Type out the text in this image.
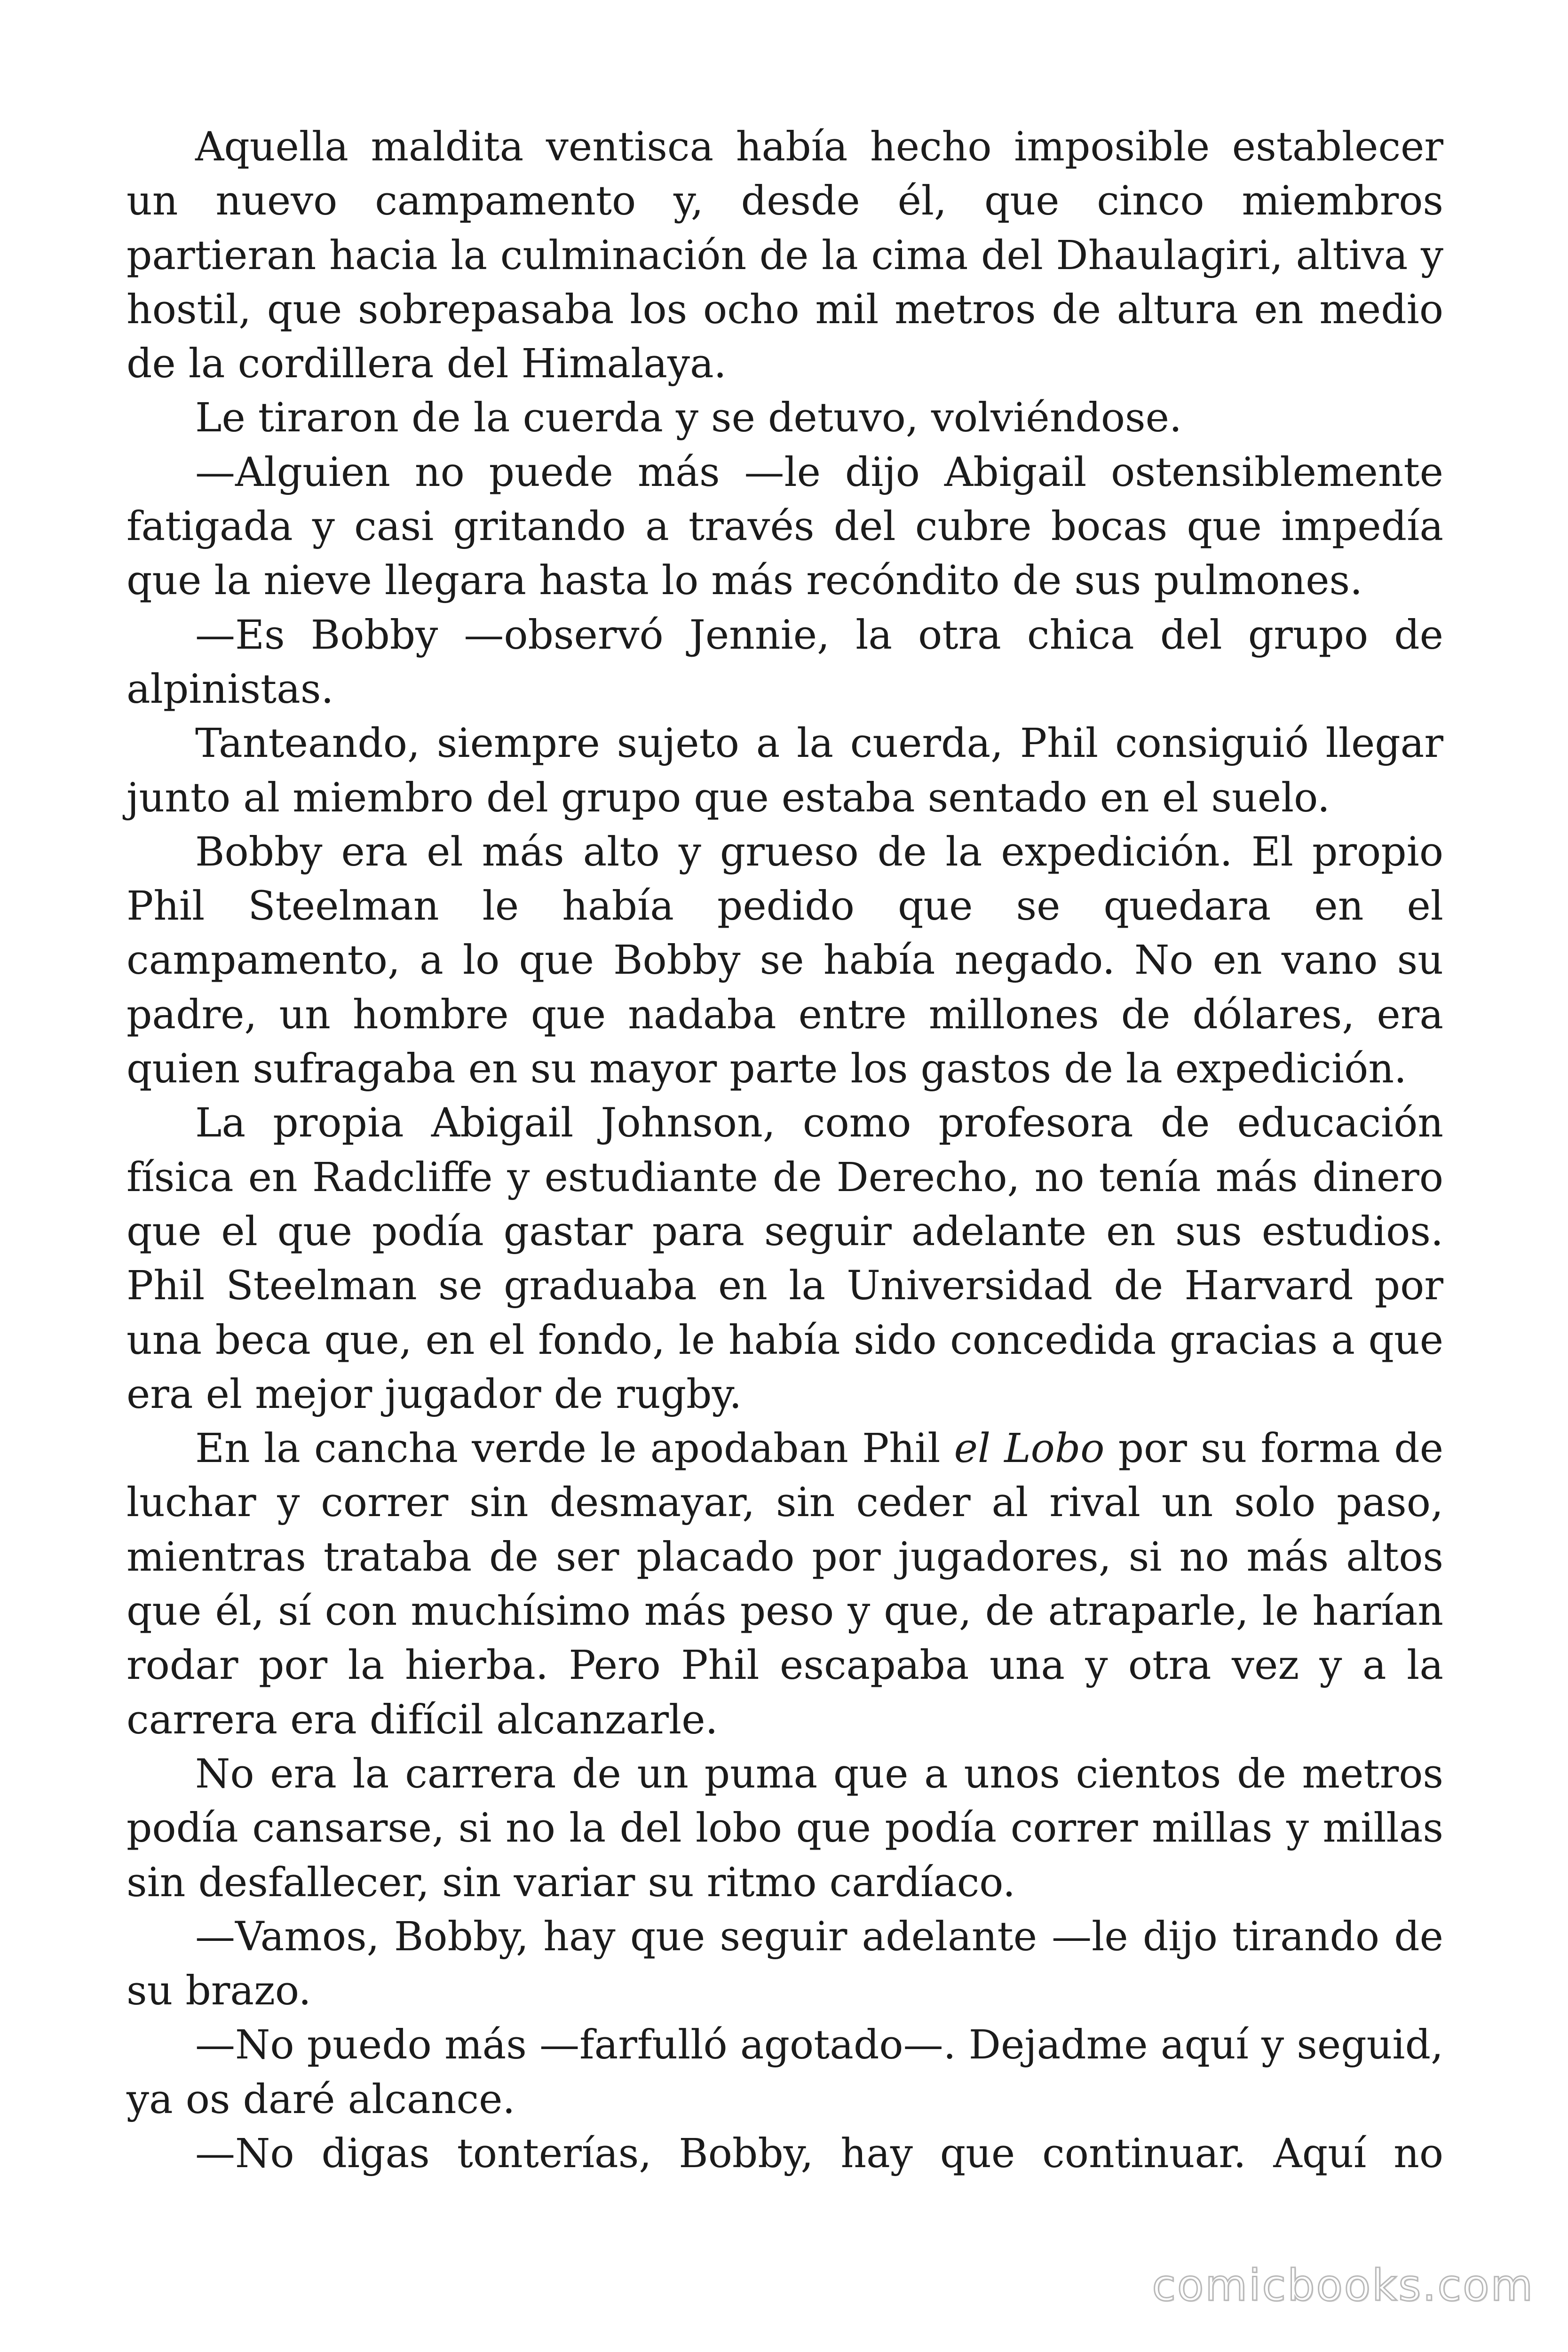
Aquella maldita ventisca había hecho imposible establecer un nuevo campamento y, desde él, que cinco miembros partieran hacia la culminación de la cima del Dhaulagiri, altiva y hostil, que sobrepasaba los ocho mil metros de altura en medio de la cordillera del Himalaya.

Le tiraron de la cuerda y se detuvo, volviéndose.

—Alguien no puede más —le dijo Abigail ostensiblemente fatigada y casi gritando a través del cubre bocas que impedía que la nieve llegara hasta lo más recóndito de sus pulmones.

—Es Bobby —observó Jennie, la otra chica del grupo de alpinistas.

Tanteando, siempre sujeto a la cuerda, Phil consiguió llegar junto al miembro del grupo que estaba sentado en el suelo.

Bobby era el más alto y grueso de la expedición. El propio Phil Steelman le había pedido que se quedara en el campamento, a lo que Bobby se había negado. No en vano su padre, un hombre que nadaba entre millones de dólares, era quien sufragaba en su mayor parte los gastos de la expedición.

La propia Abigail Johnson, como profesora de educación física en Radcliffe y estudiante de Derecho, no tenía más dinero que el que podía gastar para seguir adelante en sus estudios. Phil Steelman se graduaba en la Universidad de Harvard por una beca que, en el fondo, le había sido concedida gracias a que era el mejor jugador de rugby.

En la cancha verde le apodaban Phil el Lobo por su forma de luchar y correr sin desmayar, sin ceder al rival un solo paso, mientras trataba de ser placado por jugadores, si no más altos que él, sí con muchísimo más peso y que, de atraparle, le harían rodar por la hierba. Pero Phil escapaba una y otra vez y a la carrera era difícil alcanzarle.

No era la carrera de un puma que a unos cientos de metros podía cansarse, si no la del lobo que podía correr millas y millas sin desfallecer, sin variar su ritmo cardíaco.

—Vamos, Bobby, hay que seguir adelante —le dijo tirando de su brazo.

—No puedo más —farfulló agotado—. Dejadme aquí y seguid, ya os daré alcance.

—No digas tonterías, Bobby, hay que continuar. Aquí no

comicbooks.com
